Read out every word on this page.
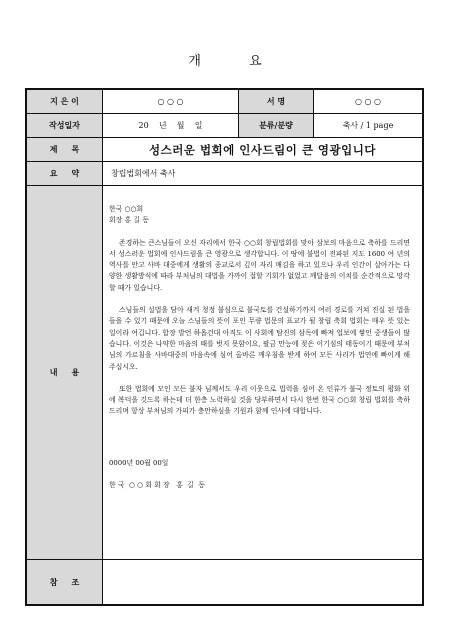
개 요
지 은 이	○ ○ ○	서 명	○ ○ ○
작성일자	20    년    월    일	분류/분량	축사 / 1 page
제     목	성스러운 법회에 인사드림이 큰 영광입니다
요     약	창립법회에서 축사
내     용

한국 ○○회

회장 홍 길 동

존경하는 큰스님들이 오신 자리에서 한국 ○○회 창립법회를 맞아 삼보의 마음으로 축하를 드리면서 성스러운 법회에 인사드림을 큰 영광으로 생각합니다. 이 땅에 불법이 전파된 지도 1600 여 년의 역사를 안고 사바 대중에게 생활의 종교로서 깊이 자리 매김을 하고 있으나 우리 인간이 살아가는 다양한 생활방식에 따라 부처님의 대법을 가까이 접할 기회가 없었고 깨달음의 이치를 순간적으로 망각할 때가 있습니다.

스님들의 설법을 담아 새겨 청정 불심으로 불국토를 건설하기까지 여러 경로를 거쳐 진실 된 법을 들을 수 있기 때문에 오늘 스님들의 뜻이 포인 무량 법문의 표교가 될 창립 축회 법회는 매우 뜻 있는 일이라 여깁니다. 합장 발언 하옵건대 아직도 이 사회에 탐진의 삼독에 빠져 업보에 쌓인 중생들이 많습니다. 이것은 나약한 마음의 때를 벗지 못함이요, 팔금 만능에 젖은 이기심의 태동이기 때문에 부처님의 가르침을 사바대중의 마음속에 심어 올바른 깨우침을 받게 하여 모든 사리가 법연에 빠이게 해 주십시오.

또한 법회에 모인 모든 불자 님께서도 우리 이웃으로 법력을 심어 온 인류가 불국 정토의 평화 위에 복덕을 깃드록 하는데 더 한층 노력하실 것을 당부하면서 다시 한번 한국 ○○회 창립 법회를 축하드리며 항상 부처님의 가피가 충만하심을 기원과 함께 인사에 대합니다.

0000년 00월 00일

한 국  ○ ○ 회 회 장   홍  길  동

참     조
